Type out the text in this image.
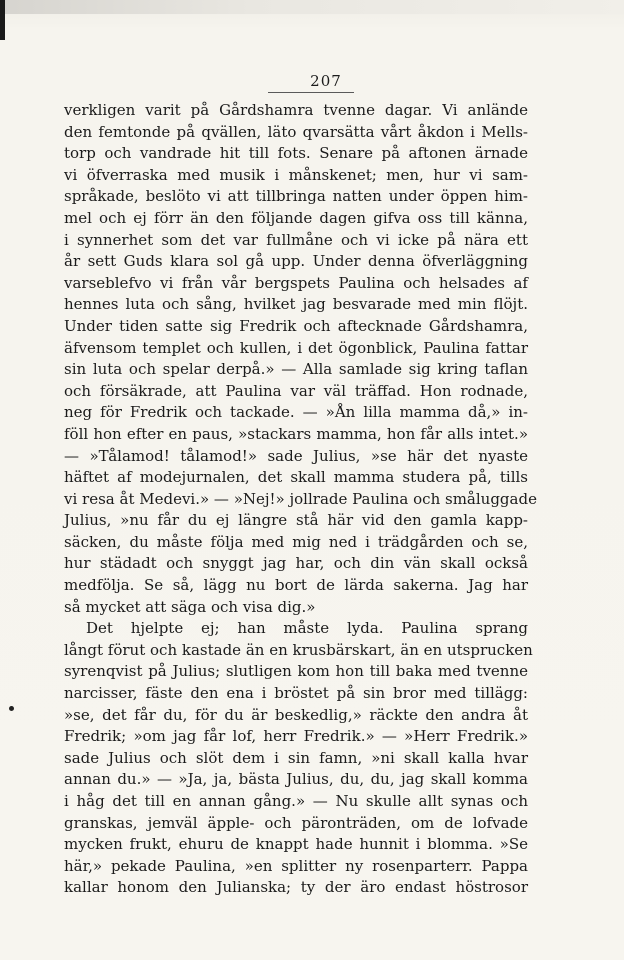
207
verkligen varit på Gårdshamra tvenne dagar. Vi anlände
den femtonde på qvällen, läto qvarsätta vårt åkdon i Mells-
torp och vandrade hit till fots. Senare på aftonen ärnade
vi öfverraska med musik i månskenet; men, hur vi sam-
språkade, beslöto vi att tillbringa natten under öppen him-
mel och ej förr än den följande dagen gifva oss till känna,
i synnerhet som det var fullmåne och vi icke på nära ett
år sett Guds klara sol gå upp. Under denna öfverläggning
varseblefvo vi från vår bergspets Paulina och helsades af
hennes luta och sång, hvilket jag besvarade med min flöjt.
Under tiden satte sig Fredrik och aftecknade Gårdshamra,
äfvensom templet och kullen, i det ögonblick, Paulina fattar
sin luta och spelar derpå.» — Alla samlade sig kring taflan
och försäkrade, att Paulina var väl träffad. Hon rodnade,
neg för Fredrik och tackade. — »Ån lilla mamma då,» in-
föll hon efter en paus, »stackars mamma, hon får alls intet.»
— »Tålamod! tålamod!» sade Julius, »se här det nyaste
häftet af modejurnalen, det skall mamma studera på, tills
vi resa åt Medevi.» — »Nej!» jollrade Paulina och småluggade
Julius, »nu får du ej längre stå här vid den gamla kapp-
säcken, du måste följa med mig ned i trädgården och se,
hur städadt och snyggt jag har, och din vän skall också
medfölja. Se så, lägg nu bort de lärda sakerna. Jag har
så mycket att säga och visa dig.»
Det hjelpte ej; han måste lyda. Paulina sprang
långt förut och kastade än en krusbärskart, än en utsprucken
syrenqvist på Julius; slutligen kom hon till baka med tvenne
narcisser, fäste den ena i bröstet på sin bror med tillägg:
»se, det får du, för du är beskedlig,» räckte den andra åt
Fredrik; »om jag får lof, herr Fredrik.» — »Herr Fredrik.»
sade Julius och slöt dem i sin famn, »ni skall kalla hvar
annan du.» — »Ja, ja, bästa Julius, du, du, jag skall komma
i håg det till en annan gång.» — Nu skulle allt synas och
granskas, jemväl äpple- och päronträden, om de lofvade
mycken frukt, ehuru de knappt hade hunnit i blomma. »Se
här,» pekade Paulina, »en splitter ny rosenparterr. Pappa
kallar honom den Julianska; ty der äro endast höstrosor
